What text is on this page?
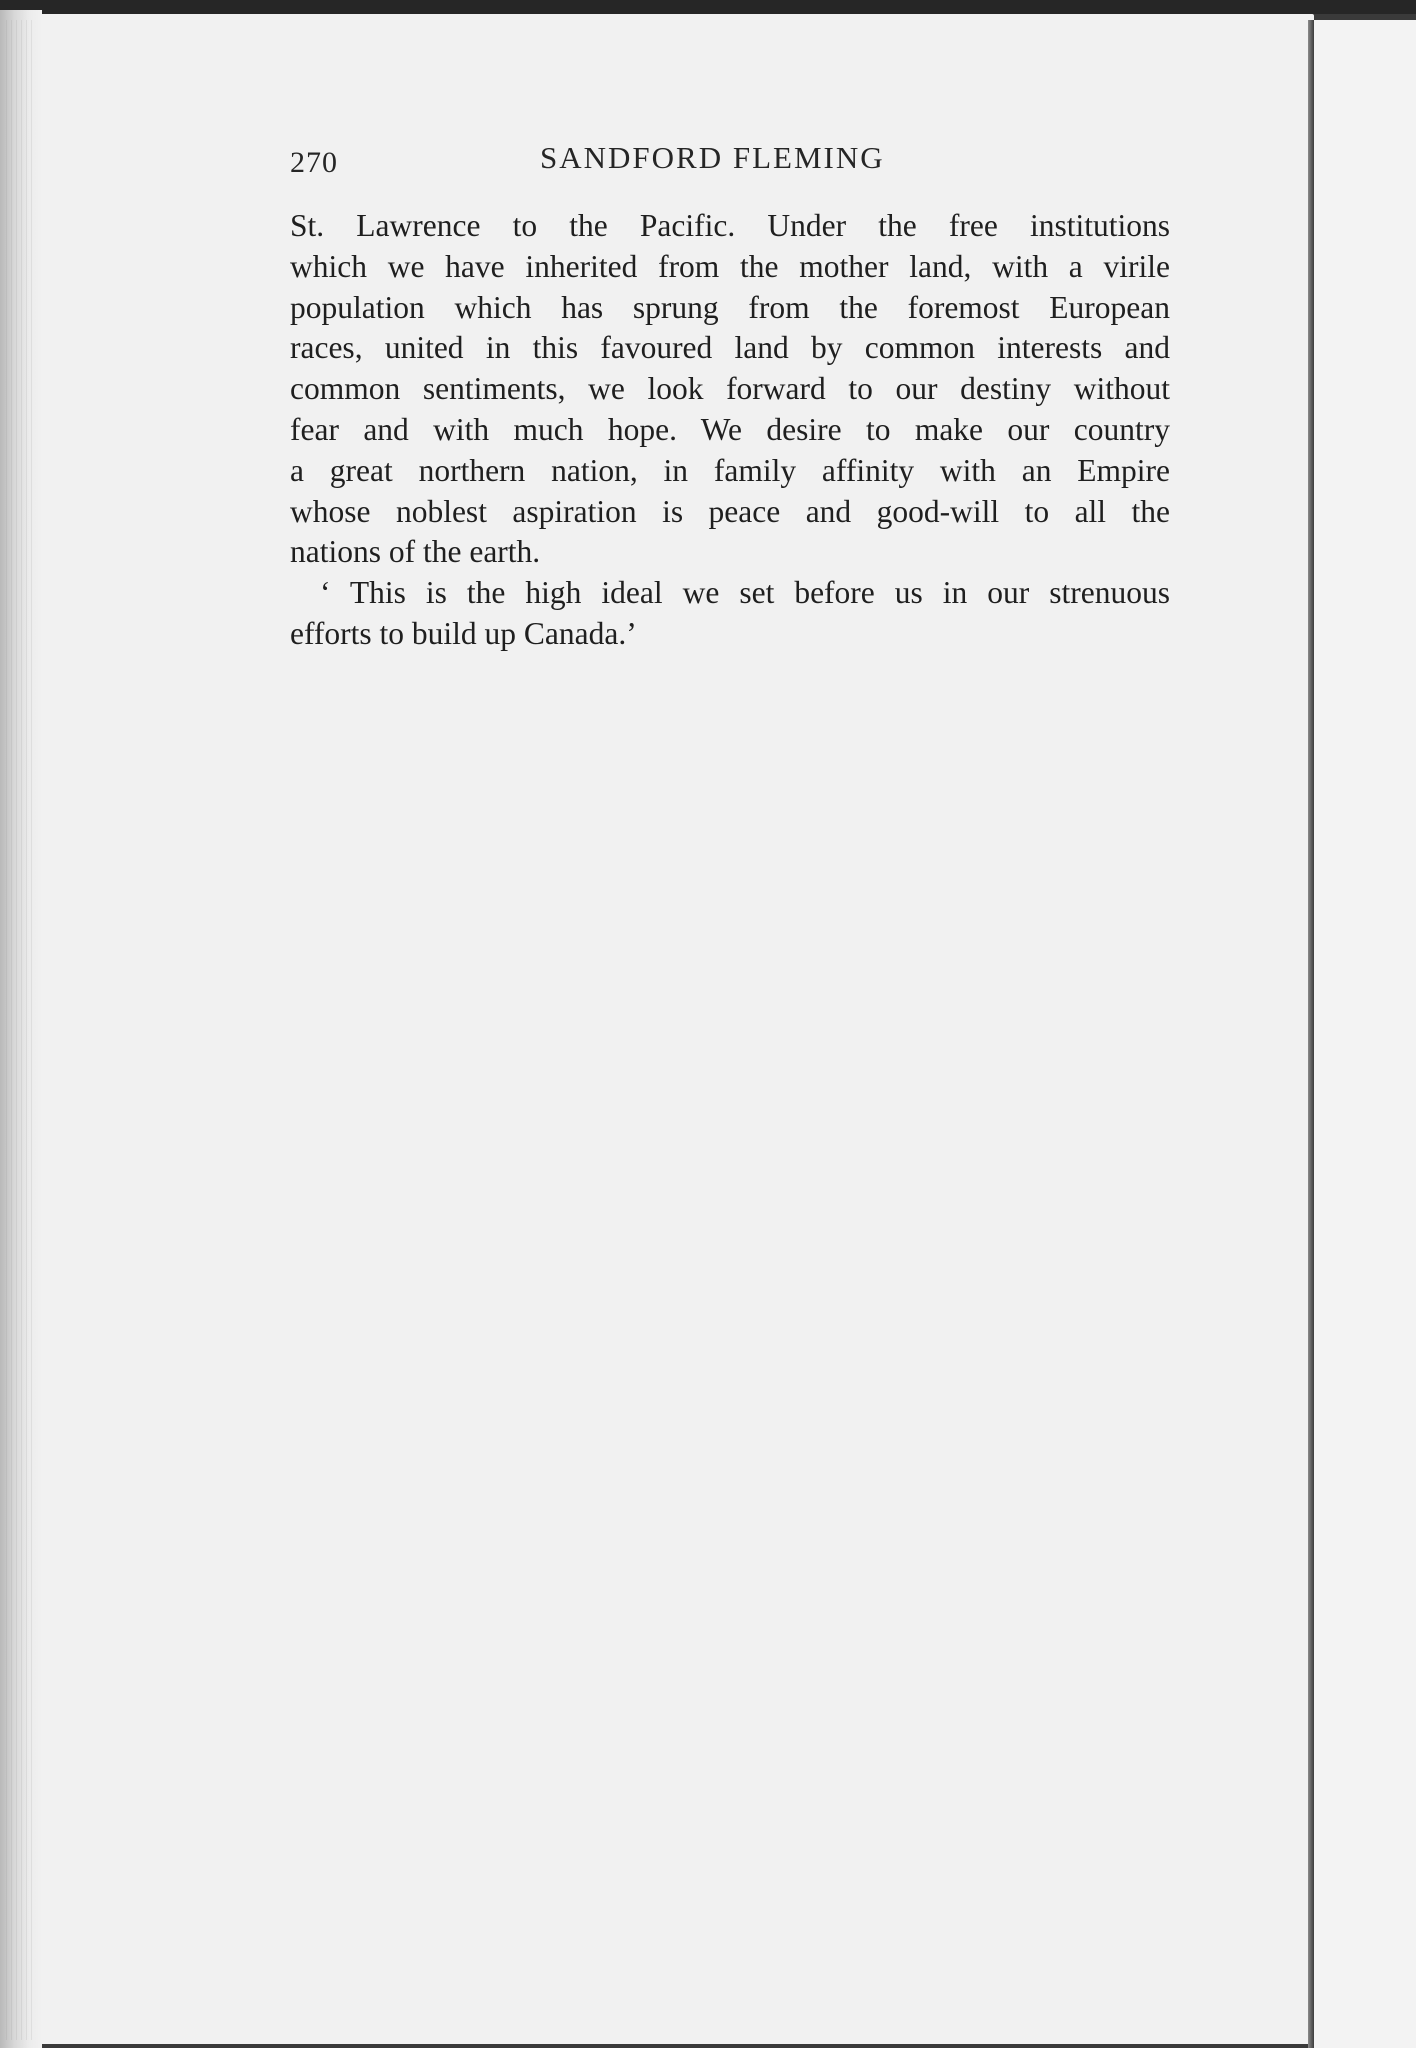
270	SANDFORD FLEMING
St. Lawrence to the Pacific. Under the free institutions
which we have inherited from the mother land, with a virile
population which has sprung from the foremost European
races, united in this favoured land by common interests and
common sentiments, we look forward to our destiny without
fear and with much hope. We desire to make our country
a great northern nation, in family affinity with an Empire
whose noblest aspiration is peace and good-will to all the
nations of the earth.
‘ This is the high ideal we set before us in our strenuous
efforts to build up Canada.’
